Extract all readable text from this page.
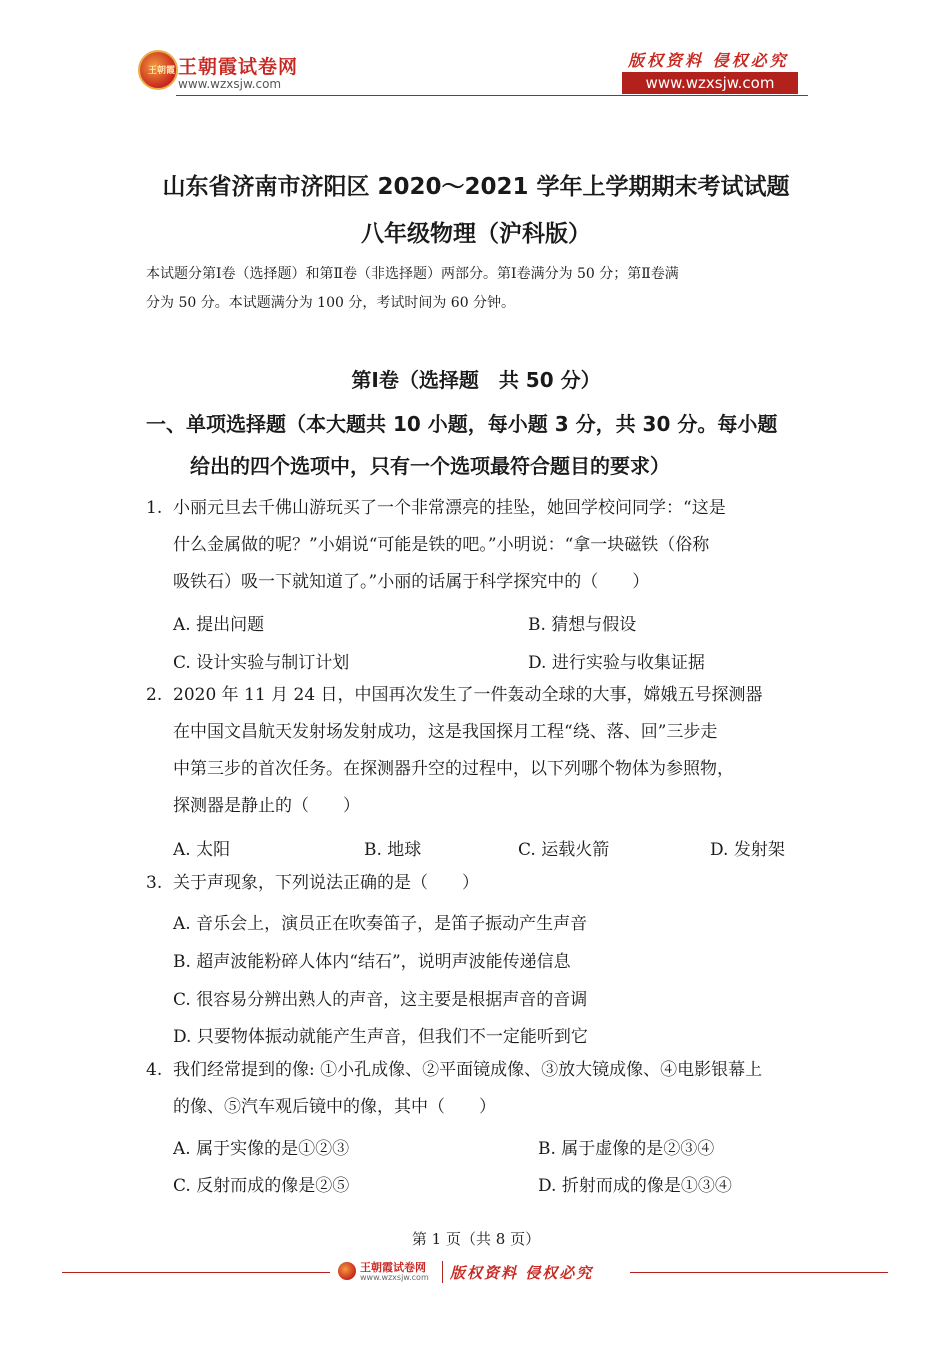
王朝霞 王朝霞试卷网
www.wzxsjw.com
版权资料 侵权必究
www.wzxsjw.com
山东省济南市济阳区 2020～2021 学年上学期期末考试试题
八年级物理（沪科版）
本试题分第Ⅰ卷（选择题）和第Ⅱ卷（非选择题）两部分。第Ⅰ卷满分为 50 分；第Ⅱ卷满
分为 50 分。本试题满分为 100 分，考试时间为 60 分钟。
第Ⅰ卷（选择题　共 50 分）
一、单项选择题（本大题共 10 小题，每小题 3 分，共 30 分。每小题
给出的四个选项中，只有一个选项最符合题目的要求）
1. 小丽元旦去千佛山游玩买了一个非常漂亮的挂坠，她回学校问同学：“这是
什么金属做的呢？”小娟说“可能是铁的吧。”小明说：“拿一块磁铁（俗称
吸铁石）吸一下就知道了。”小丽的话属于科学探究中的（　　）
A. 提出问题	B. 猜想与假设
C. 设计实验与制订计划	D. 进行实验与收集证据
2. 2020 年 11 月 24 日，中国再次发生了一件轰动全球的大事，嫦娥五号探测器
在中国文昌航天发射场发射成功，这是我国探月工程“绕、落、回”三步走
中第三步的首次任务。在探测器升空的过程中，以下列哪个物体为参照物，
探测器是静止的（　　）
A. 太阳	B. 地球	C. 运载火箭	D. 发射架
3. 关于声现象，下列说法正确的是（　　）
A. 音乐会上，演员正在吹奏笛子，是笛子振动产生声音
B. 超声波能粉碎人体内“结石”，说明声波能传递信息
C. 很容易分辨出熟人的声音，这主要是根据声音的音调
D. 只要物体振动就能产生声音，但我们不一定能听到它
4. 我们经常提到的像: ①小孔成像、②平面镜成像、③放大镜成像、④电影银幕上
的像、⑤汽车观后镜中的像，其中（　　）
A. 属于实像的是①②③	B. 属于虚像的是②③④
C. 反射而成的像是②⑤	D. 折射而成的像是①③④
第 1 页（共 8 页）
王朝霞试卷网
www.wzxsjw.com 版权资料 侵权必究
